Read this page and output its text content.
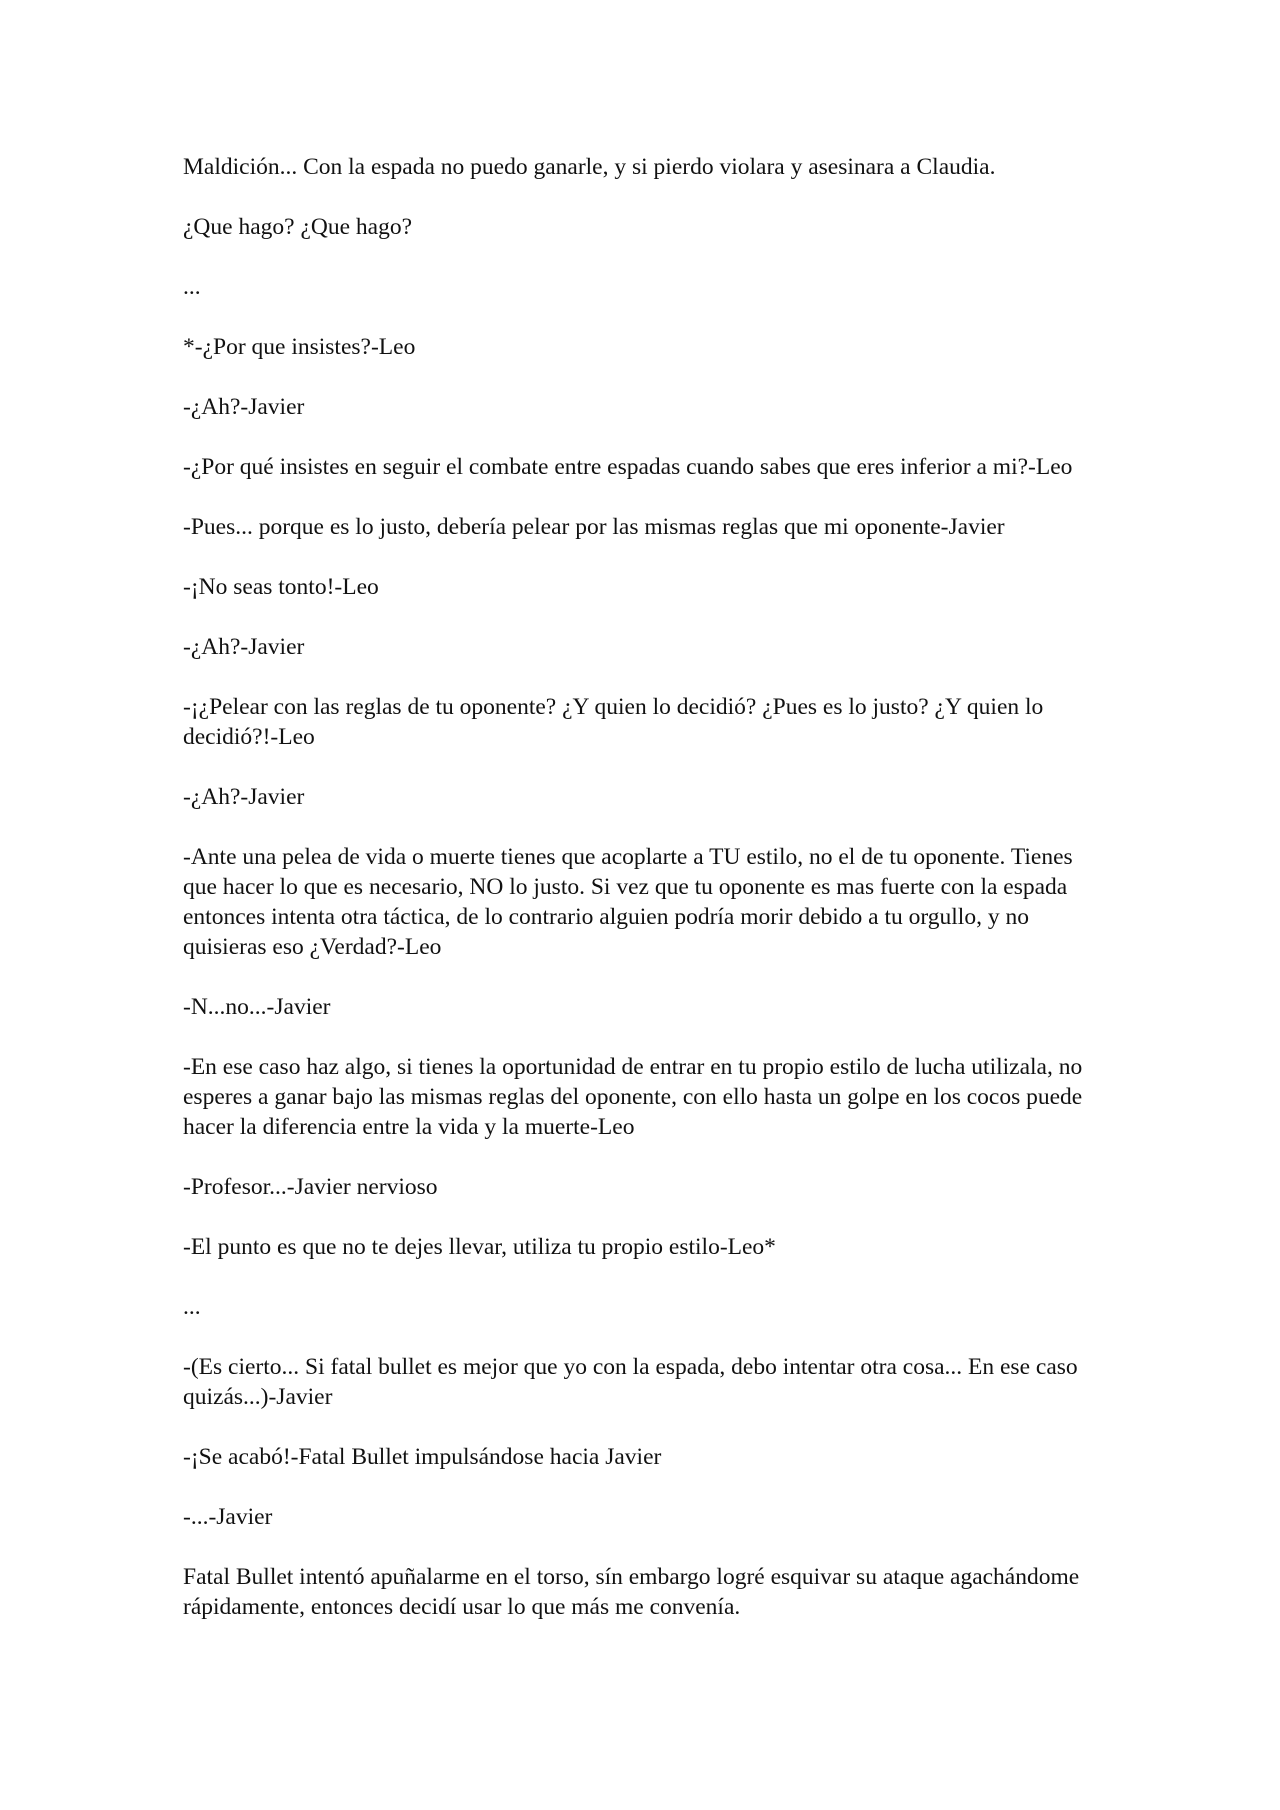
Maldición... Con la espada no puedo ganarle, y si pierdo violara y asesinara a Claudia.

¿Que hago? ¿Que hago?

...

*-¿Por que insistes?-Leo

-¿Ah?-Javier

-¿Por qué insistes en seguir el combate entre espadas cuando sabes que eres inferior a mi?-Leo

-Pues... porque es lo justo, debería pelear por las mismas reglas que mi oponente-Javier

-¡No seas tonto!-Leo

-¿Ah?-Javier

-¡¿Pelear con las reglas de tu oponente? ¿Y quien lo decidió? ¿Pues es lo justo? ¿Y quien lo decidió?!-Leo

-¿Ah?-Javier

-Ante una pelea de vida o muerte tienes que acoplarte a TU estilo, no el de tu oponente. Tienes que hacer lo que es necesario, NO lo justo. Si vez que tu oponente es mas fuerte con la espada entonces intenta otra táctica, de lo contrario alguien podría morir debido a tu orgullo, y no quisieras eso ¿Verdad?-Leo

-N...no...-Javier

-En ese caso haz algo, si tienes la oportunidad de entrar en tu propio estilo de lucha utilizala, no esperes a ganar bajo las mismas reglas del oponente, con ello hasta un golpe en los cocos puede hacer la diferencia entre la vida y la muerte-Leo

-Profesor...-Javier nervioso

-El punto es que no te dejes llevar, utiliza tu propio estilo-Leo*

...

-(Es cierto... Si fatal bullet es mejor que yo con la espada, debo intentar otra cosa... En ese caso quizás...)-Javier

-¡Se acabó!-Fatal Bullet impulsándose hacia Javier

-...-Javier

Fatal Bullet intentó apuñalarme en el torso, sín embargo logré esquivar su ataque agachándome rápidamente, entonces decidí usar lo que más me convenía.
